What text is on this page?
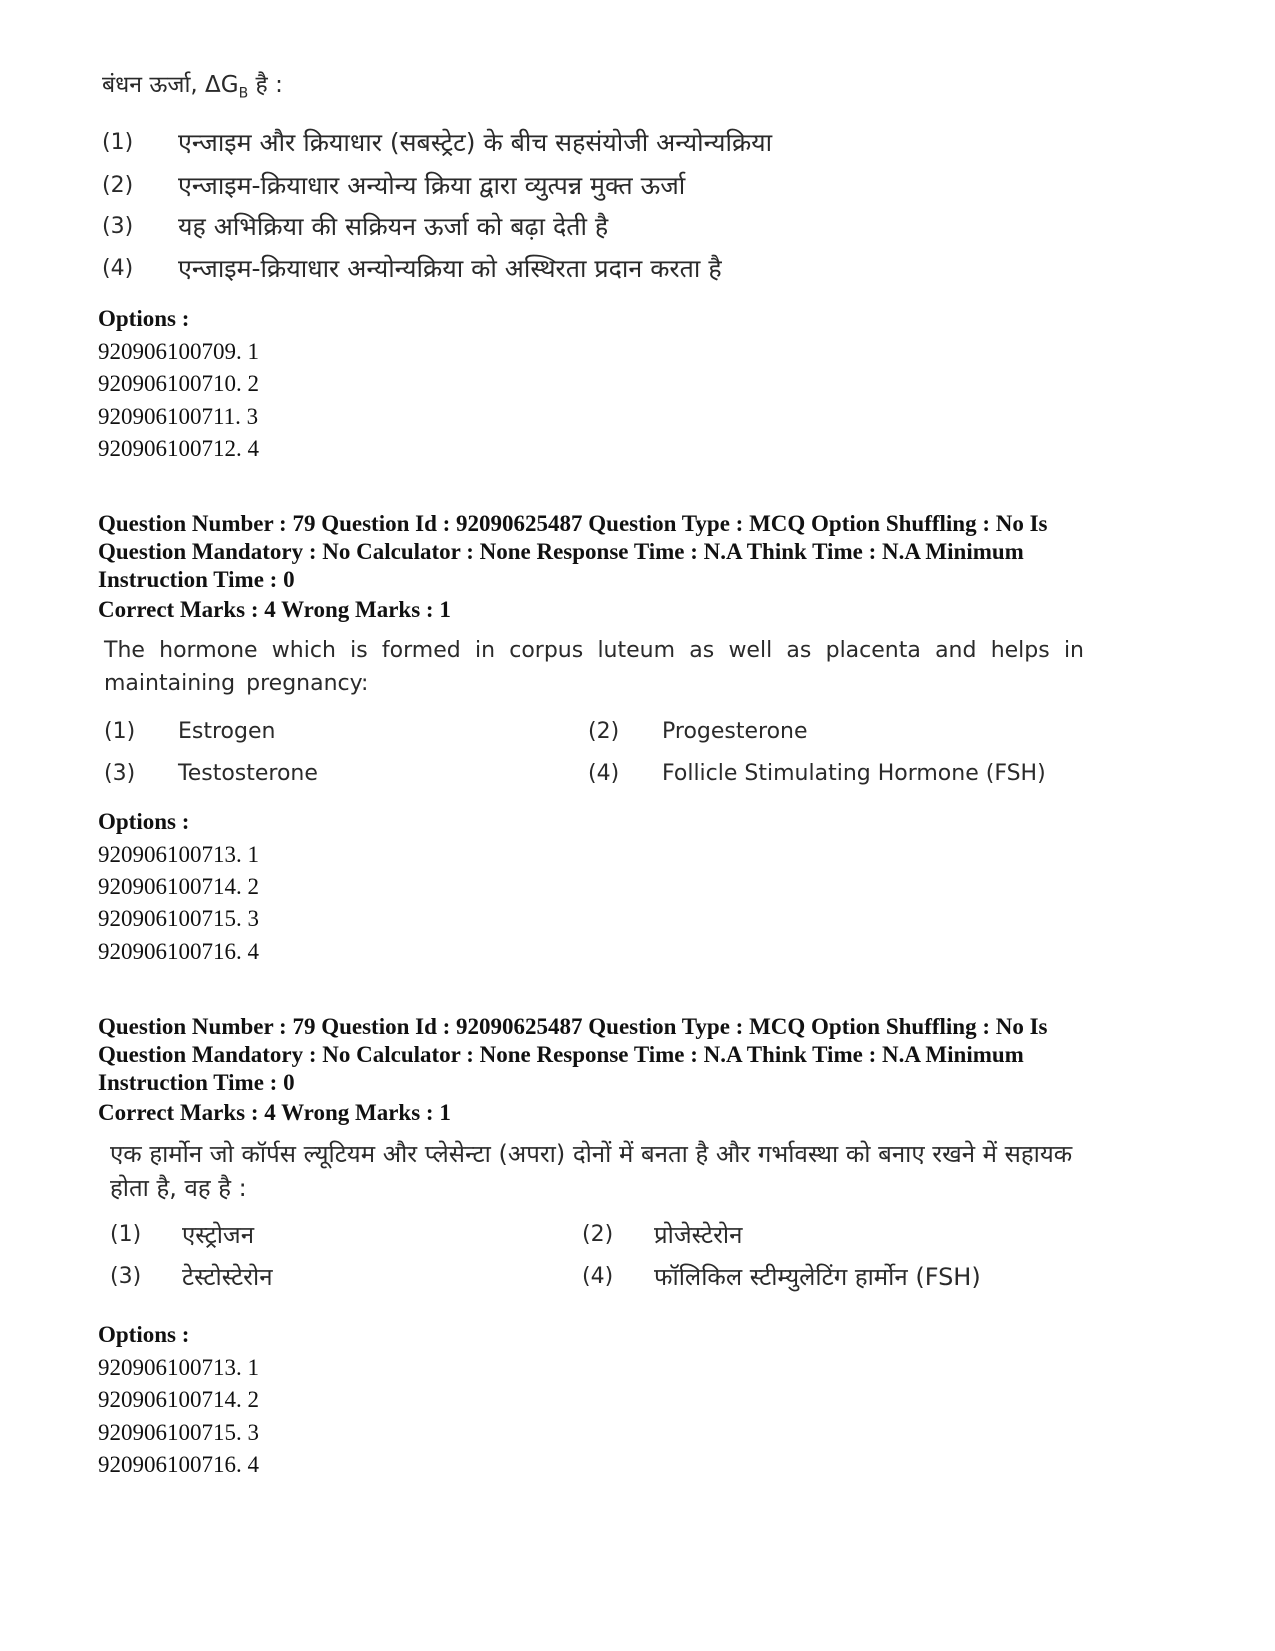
बंधन ऊर्जा, $\Delta G_B$ है :
(1)	एन्जाइम और क्रियाधार (सबस्ट्रेट) के बीच सहसंयोजी अन्योन्यक्रिया
(2)	एन्जाइम-क्रियाधार अन्योन्य क्रिया द्वारा व्युत्पन्न मुक्त ऊर्जा
(3)	यह अभिक्रिया की सक्रियन ऊर्जा को बढ़ा देती है
(4)	एन्जाइम-क्रियाधार अन्योन्यक्रिया को अस्थिरता प्रदान करता है
Options :
920906100709. 1
920906100710. 2
920906100711. 3
920906100712. 4
Question Number : 79 Question Id : 92090625487 Question Type : MCQ Option Shuffling : No Is
Question Mandatory : No Calculator : None Response Time : N.A Think Time : N.A Minimum
Instruction Time : 0
Correct Marks : 4 Wrong Marks : 1
The hormone which is formed in corpus luteum as well as placenta and helps in maintaining pregnancy:
(1)	Estrogen	(2)	Progesterone
(3)	Testosterone	(4)	Follicle Stimulating Hormone (FSH)
Options :
920906100713. 1
920906100714. 2
920906100715. 3
920906100716. 4
Question Number : 79 Question Id : 92090625487 Question Type : MCQ Option Shuffling : No Is
Question Mandatory : No Calculator : None Response Time : N.A Think Time : N.A Minimum
Instruction Time : 0
Correct Marks : 4 Wrong Marks : 1
एक हार्मोन जो कॉर्पस ल्यूटियम और प्लेसेन्टा (अपरा) दोनों में बनता है और गर्भावस्था को बनाए रखने में सहायक होता है, वह है :
(1)	एस्ट्रोजन	(2)	प्रोजेस्टेरोन
(3)	टेस्टोस्टेरोन	(4)	फॉलिकिल स्टीम्युलेटिंग हार्मोन (FSH)
Options :
920906100713. 1
920906100714. 2
920906100715. 3
920906100716. 4
